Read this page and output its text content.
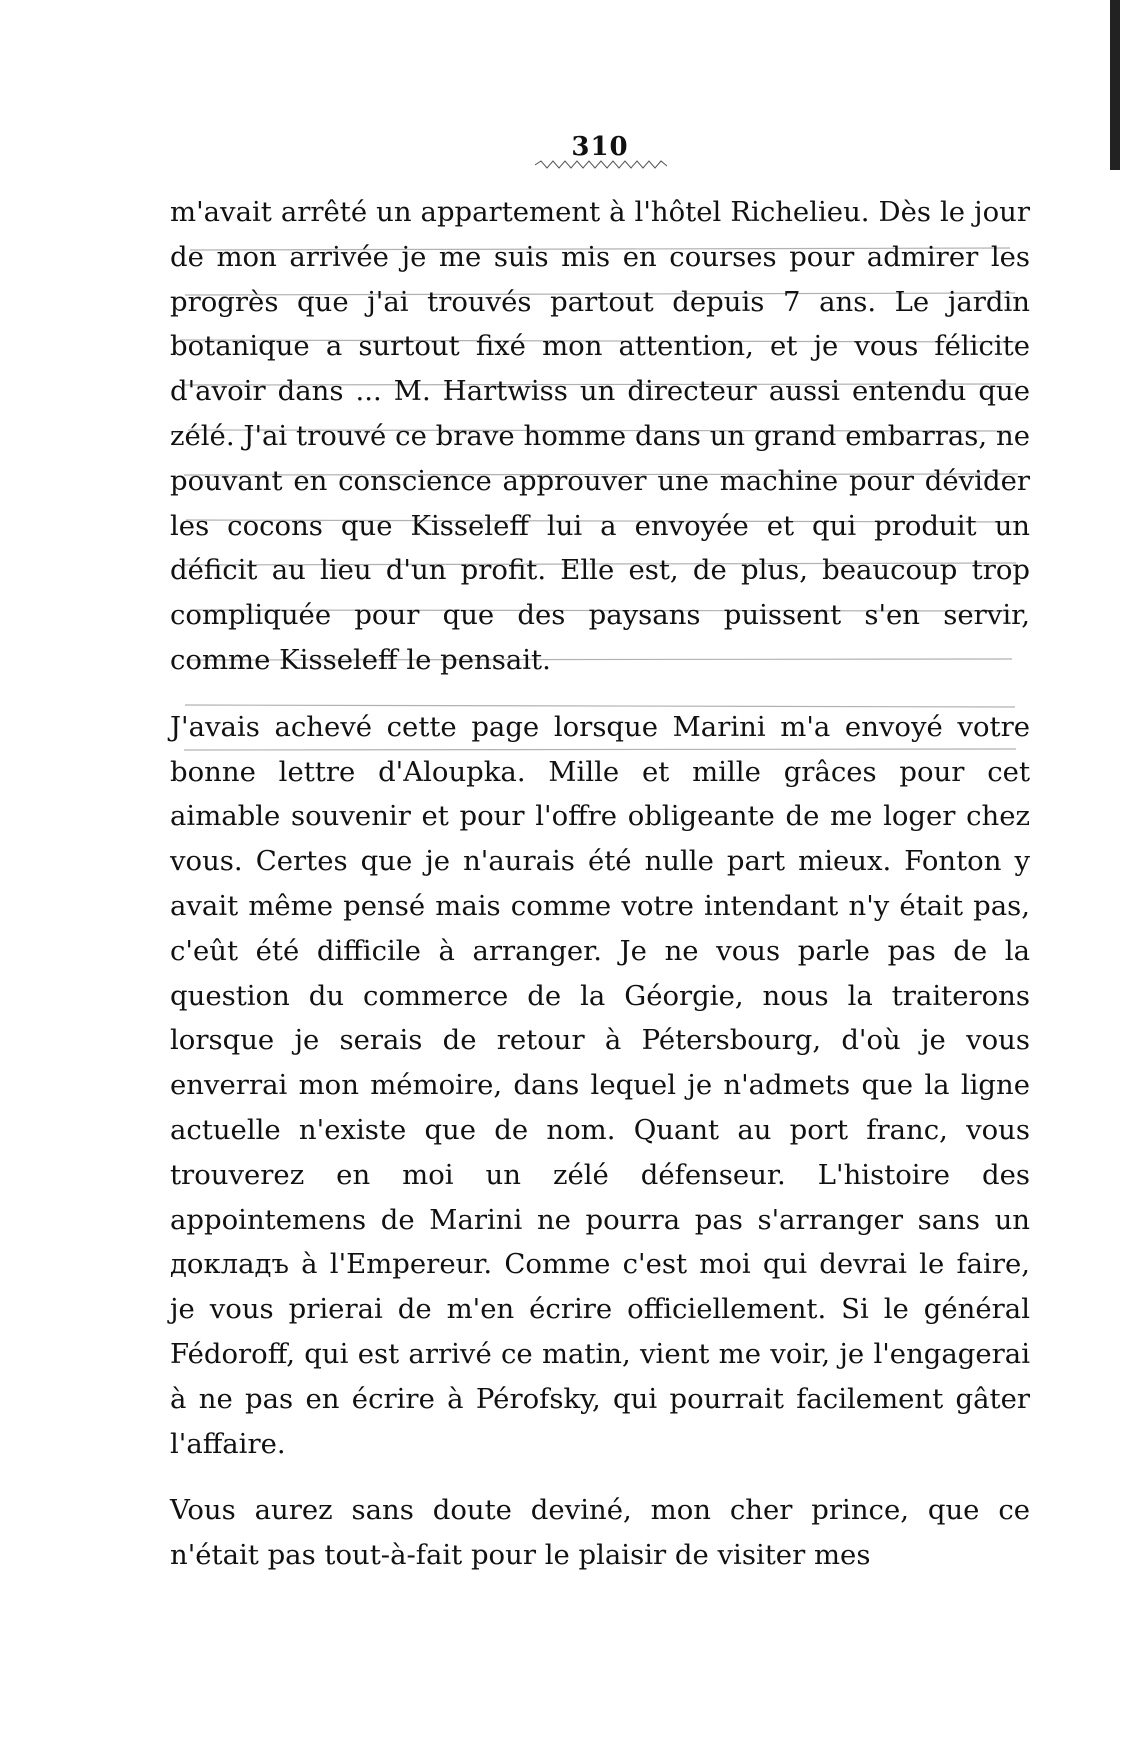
310

m'avait arrêté un appartement à l'hôtel Richelieu. Dès le jour de mon arrivée je me suis mis en courses pour admirer les progrès que j'ai trouvés partout depuis 7 ans. Le jardin botanique a surtout fixé mon attention, et je vous félicite d'avoir dans ... M. Hartwiss un directeur aussi entendu que zélé. J'ai trouvé ce brave homme dans un grand embarras, ne pouvant en conscience approuver une machine pour dévider les cocons que Kisseleff lui a envoyée et qui produit un déficit au lieu d'un profit. Elle est, de plus, beaucoup trop compliquée pour que des paysans puissent s'en servir, comme Kisseleff le pensait.

J'avais achevé cette page lorsque Marini m'a envoyé votre bonne lettre d'Aloupka. Mille et mille grâces pour cet aimable souvenir et pour l'offre obligeante de me loger chez vous. Certes que je n'aurais été nulle part mieux. Fonton y avait même pensé mais comme votre intendant n'y était pas, c'eût été difficile à arranger. Je ne vous parle pas de la question du commerce de la Géorgie, nous la traiterons lorsque je serais de retour à Pétersbourg, d'où je vous enverrai mon mémoire, dans lequel je n'admets que la ligne actuelle n'existe que de nom. Quant au port franc, vous trouverez en moi un zélé défenseur. L'histoire des appointemens de Marini ne pourra pas s'arranger sans un докладъ à l'Empereur. Comme c'est moi qui devrai le faire, je vous prierai de m'en écrire officiellement. Si le général Fédoroff, qui est arrivé ce matin, vient me voir, je l'engagerai à ne pas en écrire à Pérofsky, qui pourrait facilement gâter l'affaire.

Vous aurez sans doute deviné, mon cher prince, que ce n'était pas tout-à-fait pour le plaisir de visiter mes
